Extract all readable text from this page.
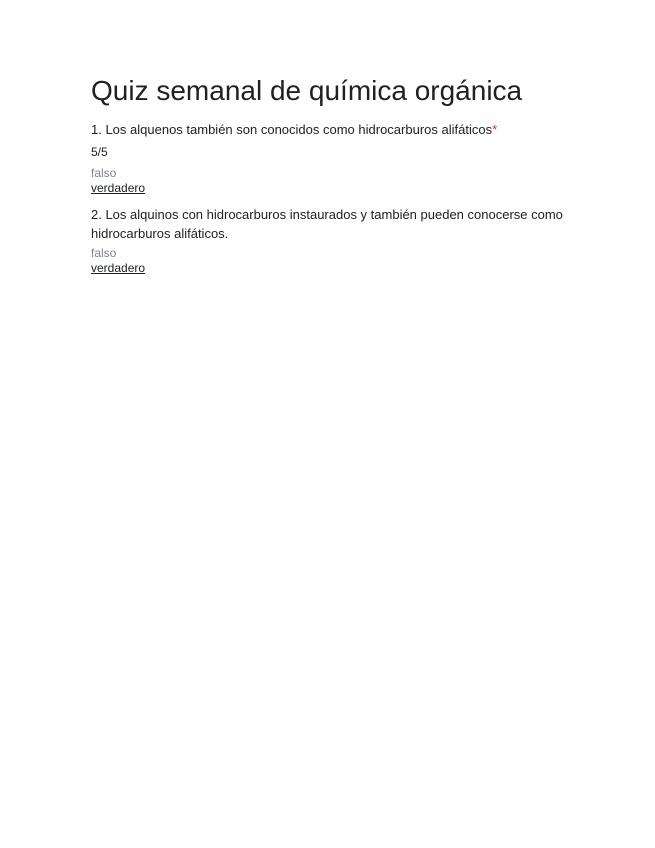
Quiz semanal de química orgánica

1. Los alquenos también son conocidos como hidrocarburos alifáticos*

5/5
falso
verdadero

2. Los alquinos con hidrocarburos instaurados y también pueden conocerse como hidrocarburos alifáticos.

falso
verdadero
